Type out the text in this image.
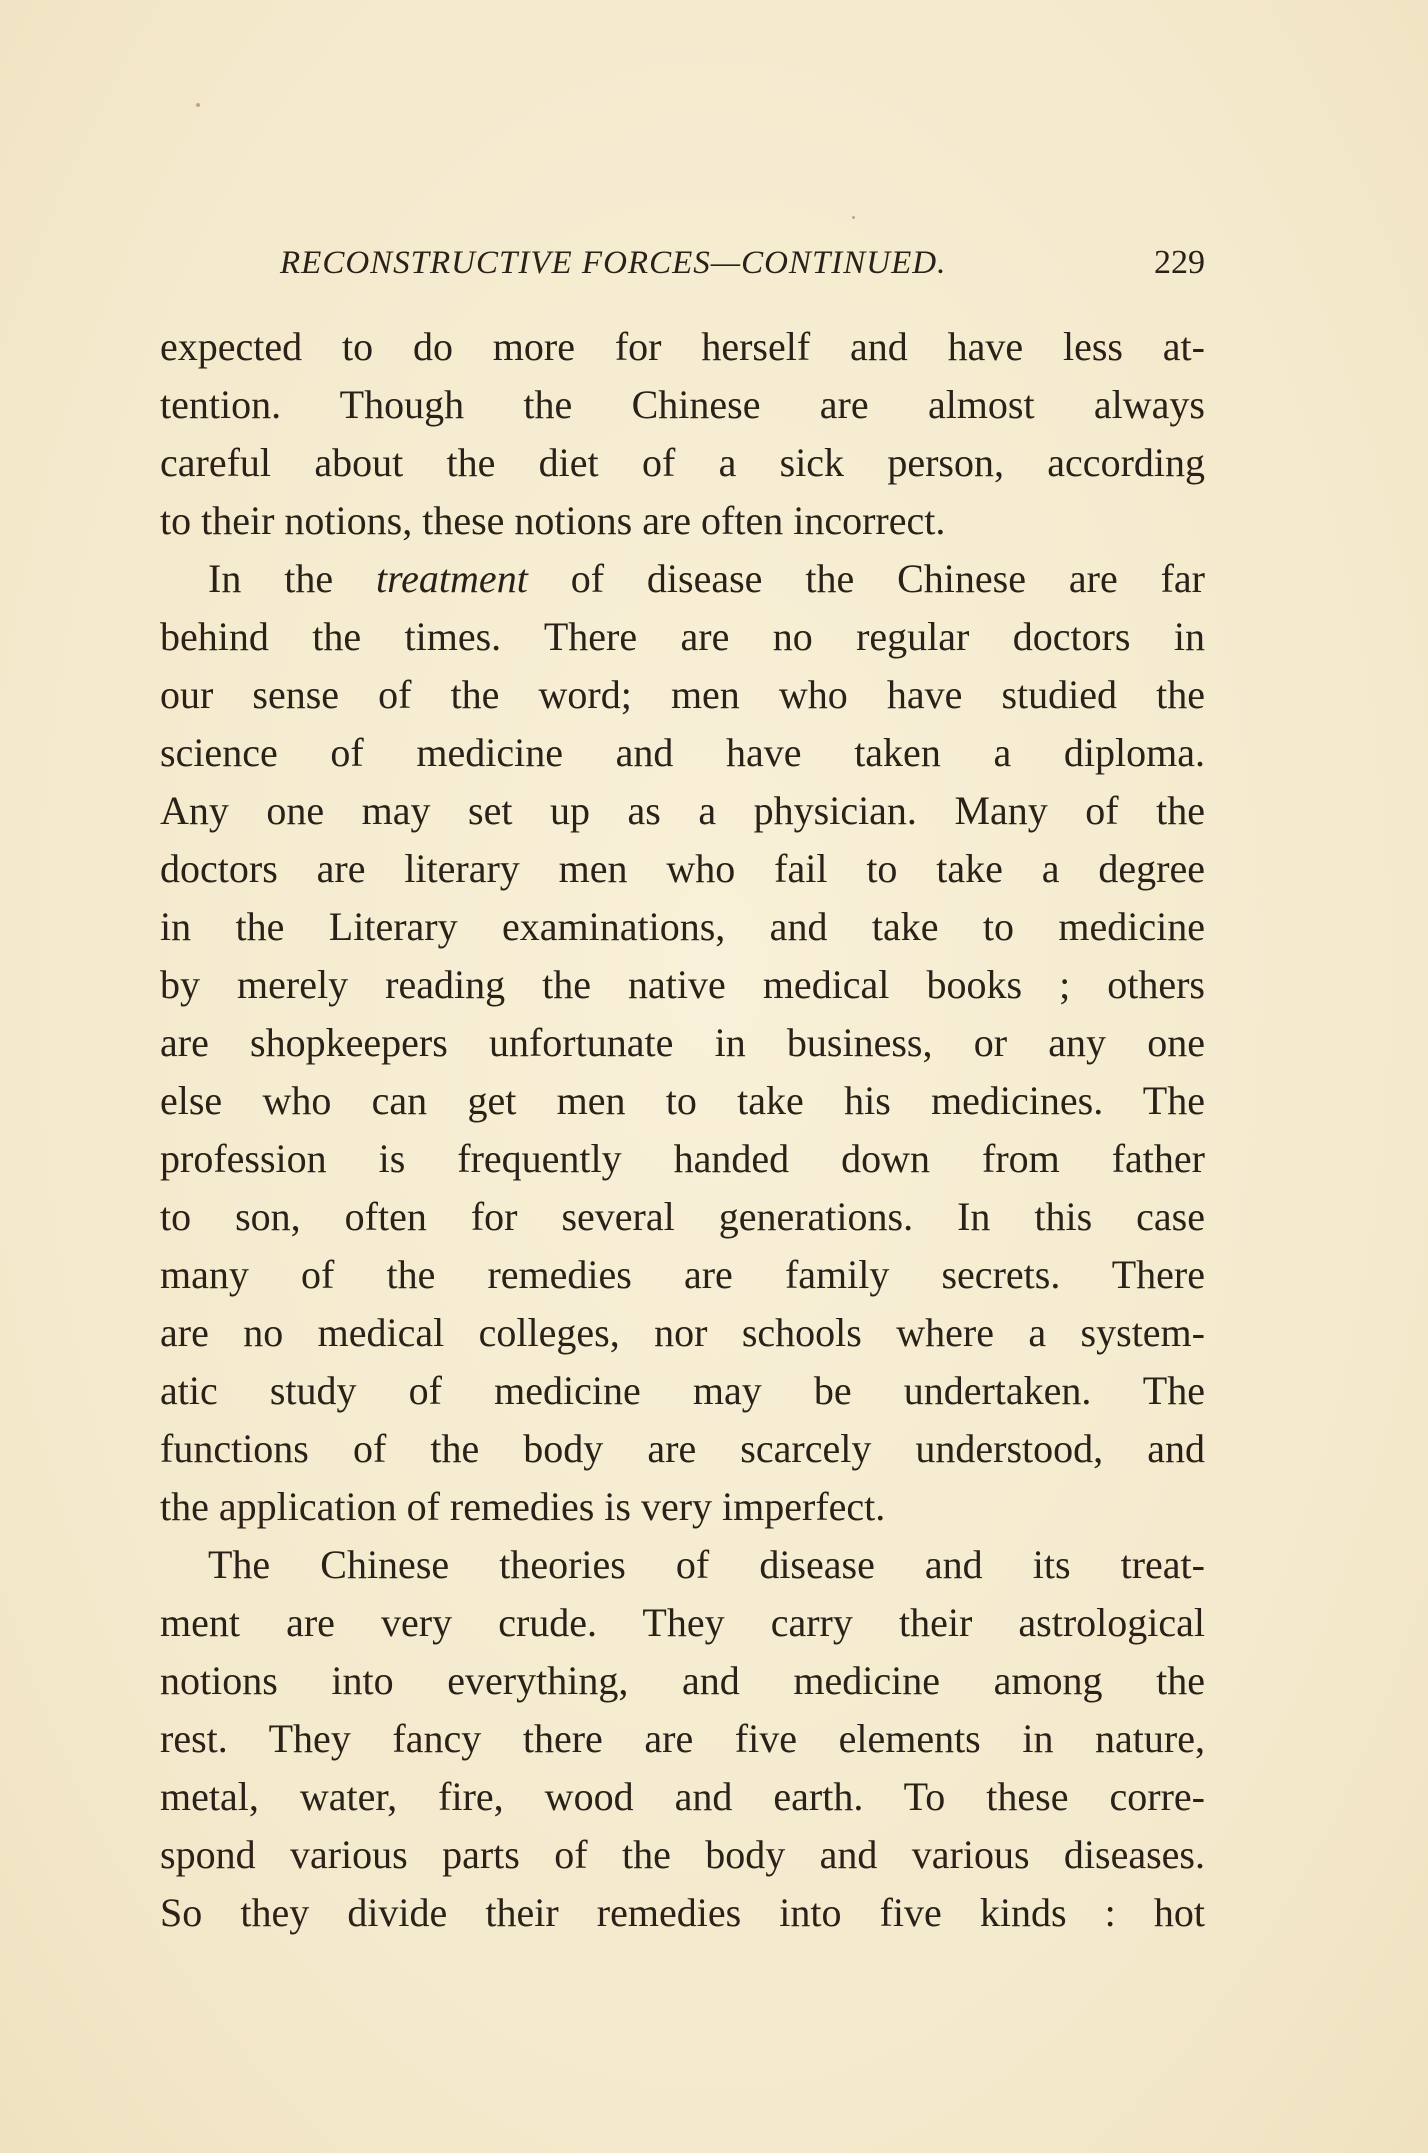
RECONSTRUCTIVE FORCES—CONTINUED.	229
expected to do more for herself and have less at-
tention. Though the Chinese are almost always
careful about the diet of a sick person, according
to their notions, these notions are often incorrect.
In the treatment of disease the Chinese are far
behind the times. There are no regular doctors in
our sense of the word; men who have studied the
science of medicine and have taken a diploma.
Any one may set up as a physician. Many of the
doctors are literary men who fail to take a degree
in the Literary examinations, and take to medicine
by merely reading the native medical books ; others
are shopkeepers unfortunate in business, or any one
else who can get men to take his medicines. The
profession is frequently handed down from father
to son, often for several generations. In this case
many of the remedies are family secrets. There
are no medical colleges, nor schools where a system-
atic study of medicine may be undertaken. The
functions of the body are scarcely understood, and
the application of remedies is very imperfect.
The Chinese theories of disease and its treat-
ment are very crude. They carry their astrological
notions into everything, and medicine among the
rest. They fancy there are five elements in nature,
metal, water, fire, wood and earth. To these corre-
spond various parts of the body and various diseases.
So they divide their remedies into five kinds : hot
